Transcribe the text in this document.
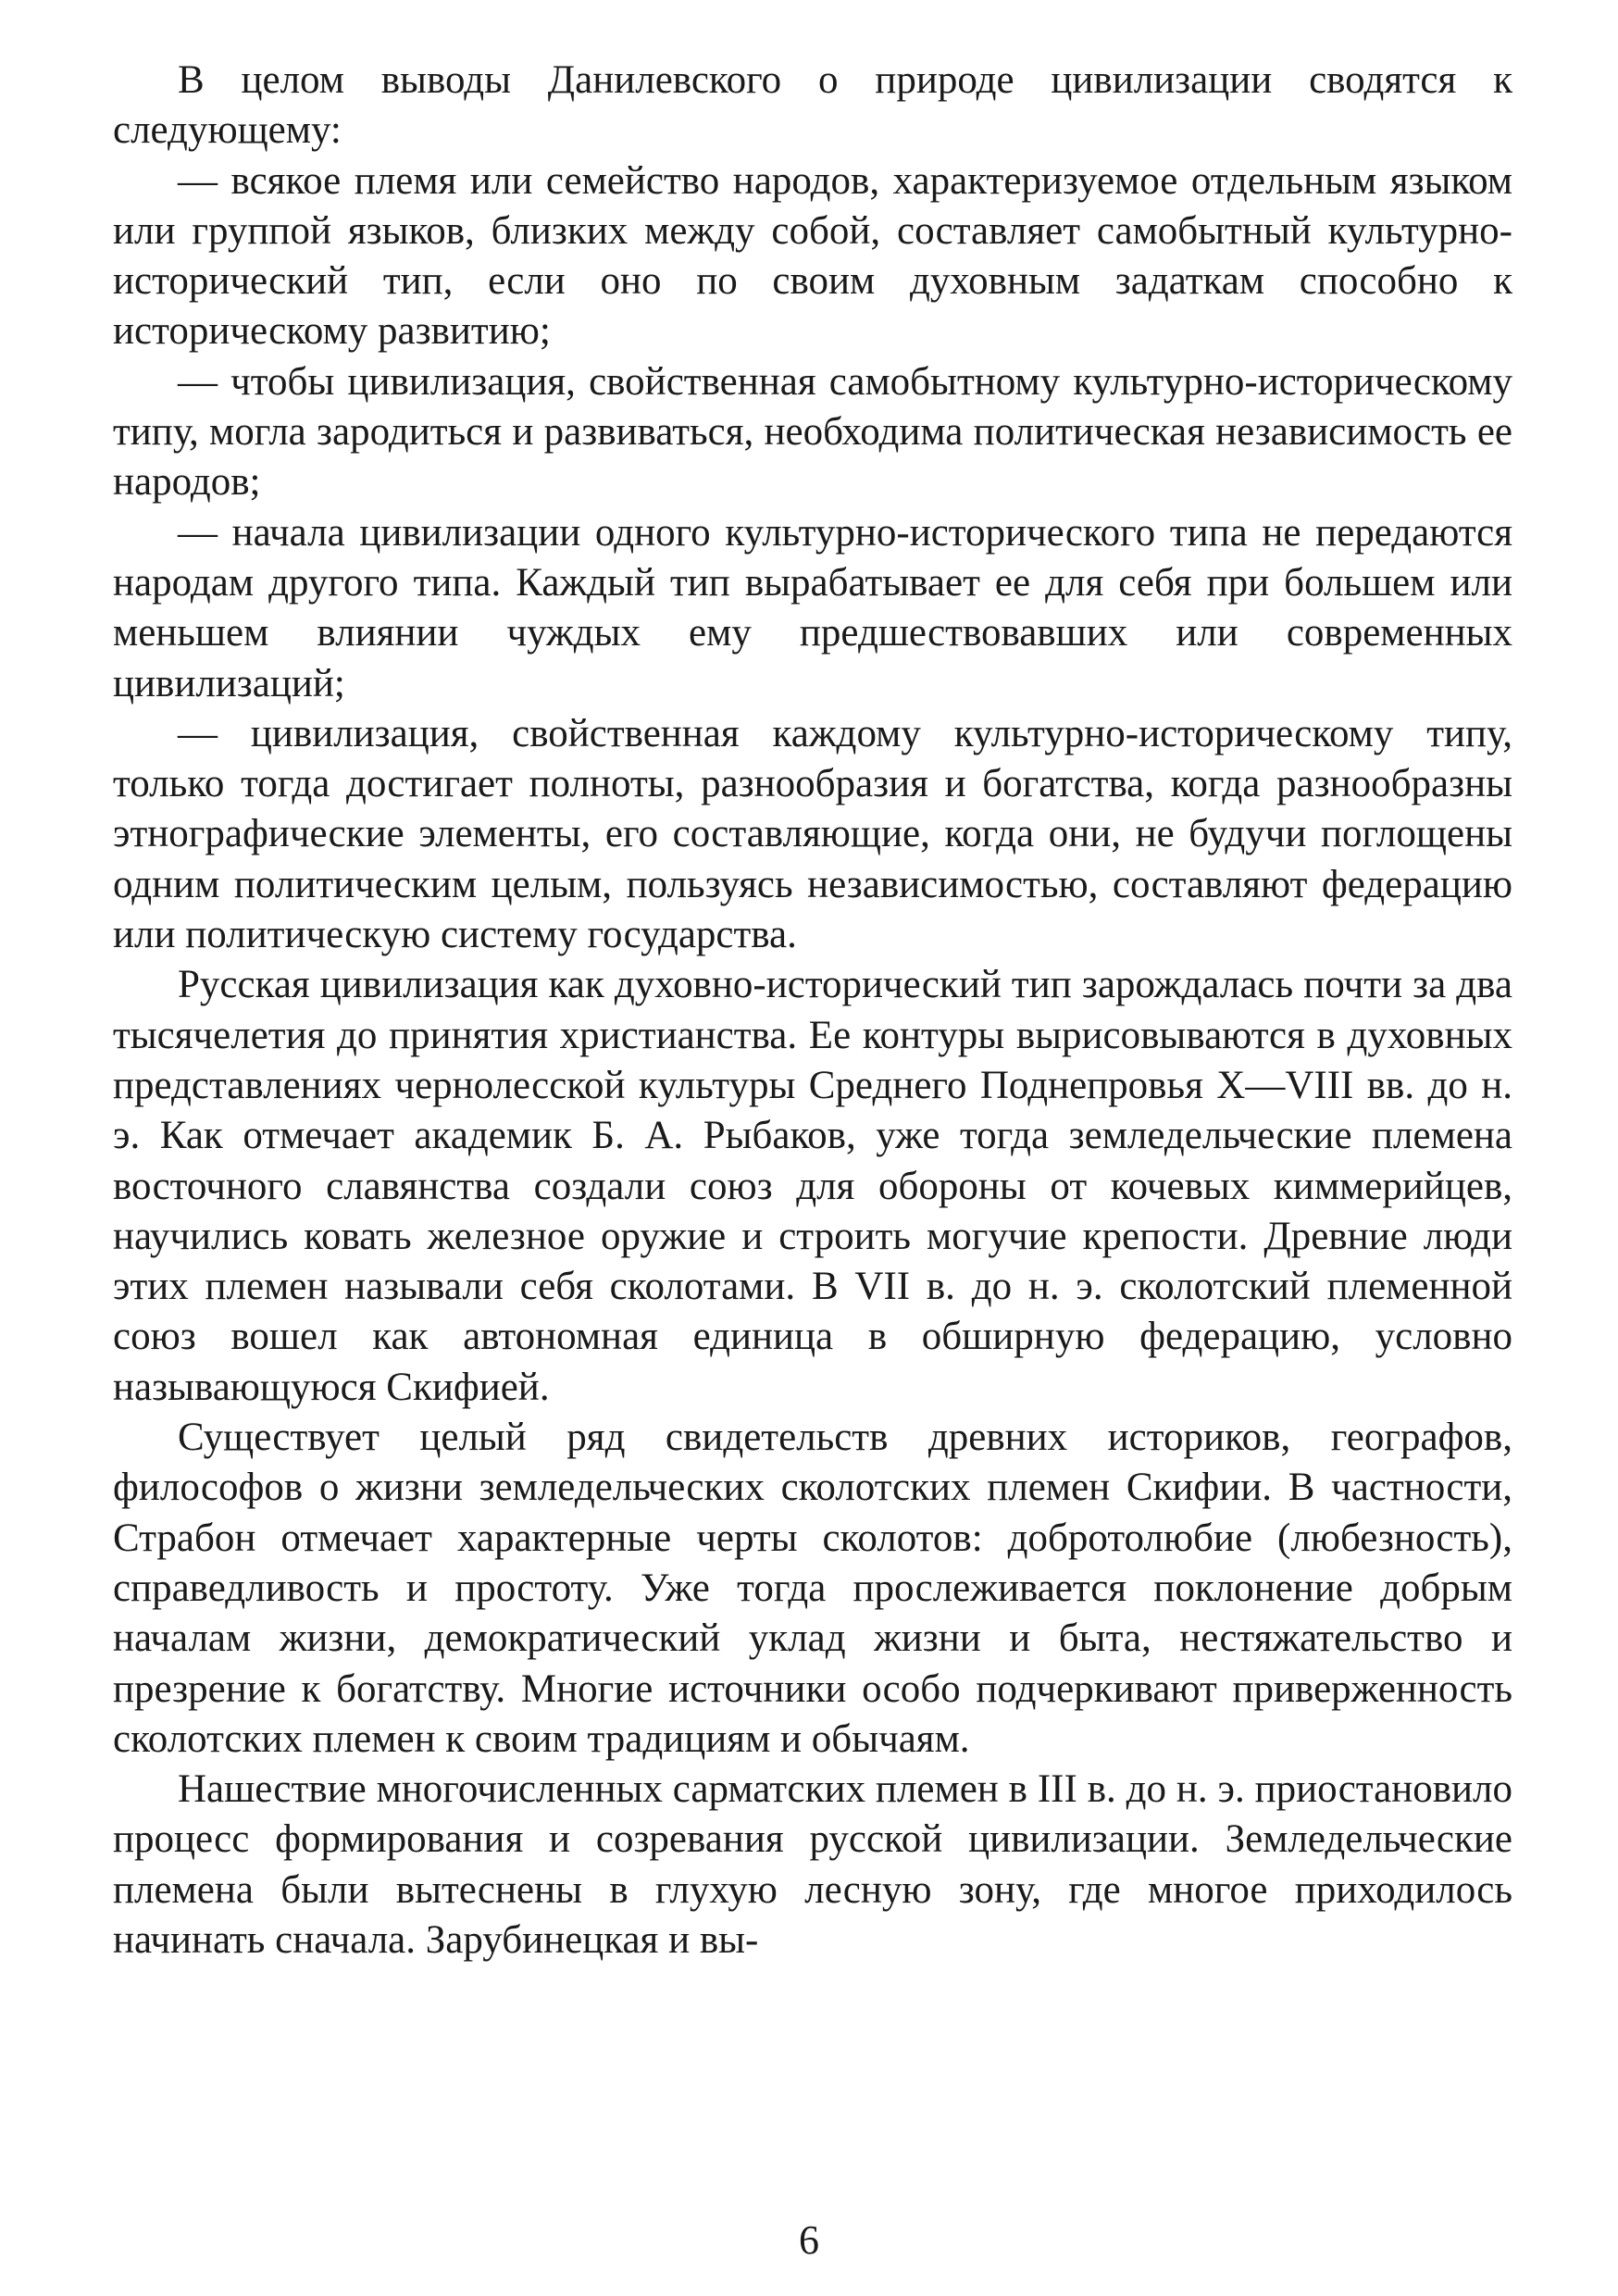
В целом выводы Данилевского о природе цивилизации сводятся к следующему:

— всякое племя или семейство народов, характеризуемое отдельным языком или группой языков, близких между собой, составляет самобытный культурно-исторический тип, если оно по своим духовным задаткам способно к историческому развитию;

— чтобы цивилизация, свойственная самобытному культурно-историческому типу, могла зародиться и развиваться, необходима политическая независимость ее народов;

— начала цивилизации одного культурно-исторического типа не передаются народам другого типа. Каждый тип вырабатывает ее для себя при большем или меньшем влиянии чуждых ему предшествовавших или современных цивилизаций;

— цивилизация, свойственная каждому культурно-историческому типу, только тогда достигает полноты, разнообразия и богатства, когда разнообразны этнографические элементы, его составляющие, когда они, не будучи поглощены одним политическим целым, пользуясь независимостью, составляют федерацию или политическую систему государства.

Русская цивилизация как духовно-исторический тип зарождалась почти за два тысячелетия до принятия христианства. Ее контуры вырисовываются в духовных представлениях чернолесской культуры Среднего Поднепровья X—VIII вв. до н. э. Как отмечает академик Б. А. Рыбаков, уже тогда земледельческие племена восточного славянства создали союз для обороны от кочевых киммерийцев, научились ковать железное оружие и строить могучие крепости. Древние люди этих племен называли себя сколотами. В VII в. до н. э. сколотский племенной союз вошел как автономная единица в обширную федерацию, условно называющуюся Скифией.

Существует целый ряд свидетельств древних историков, географов, философов о жизни земледельческих сколотских племен Скифии. В частности, Страбон отмечает характерные черты сколотов: добротолюбие (любезность), справедливость и простоту. Уже тогда прослеживается поклонение добрым началам жизни, демократический уклад жизни и быта, нестяжательство и презрение к богатству. Многие источники особо подчеркивают приверженность сколотских племен к своим традициям и обычаям.

Нашествие многочисленных сарматских племен в III в. до н. э. приостановило процесс формирования и созревания русской цивилизации. Земледельческие племена были вытеснены в глухую лесную зону, где многое приходилось начинать сначала. Зарубинецкая и вы-

6
